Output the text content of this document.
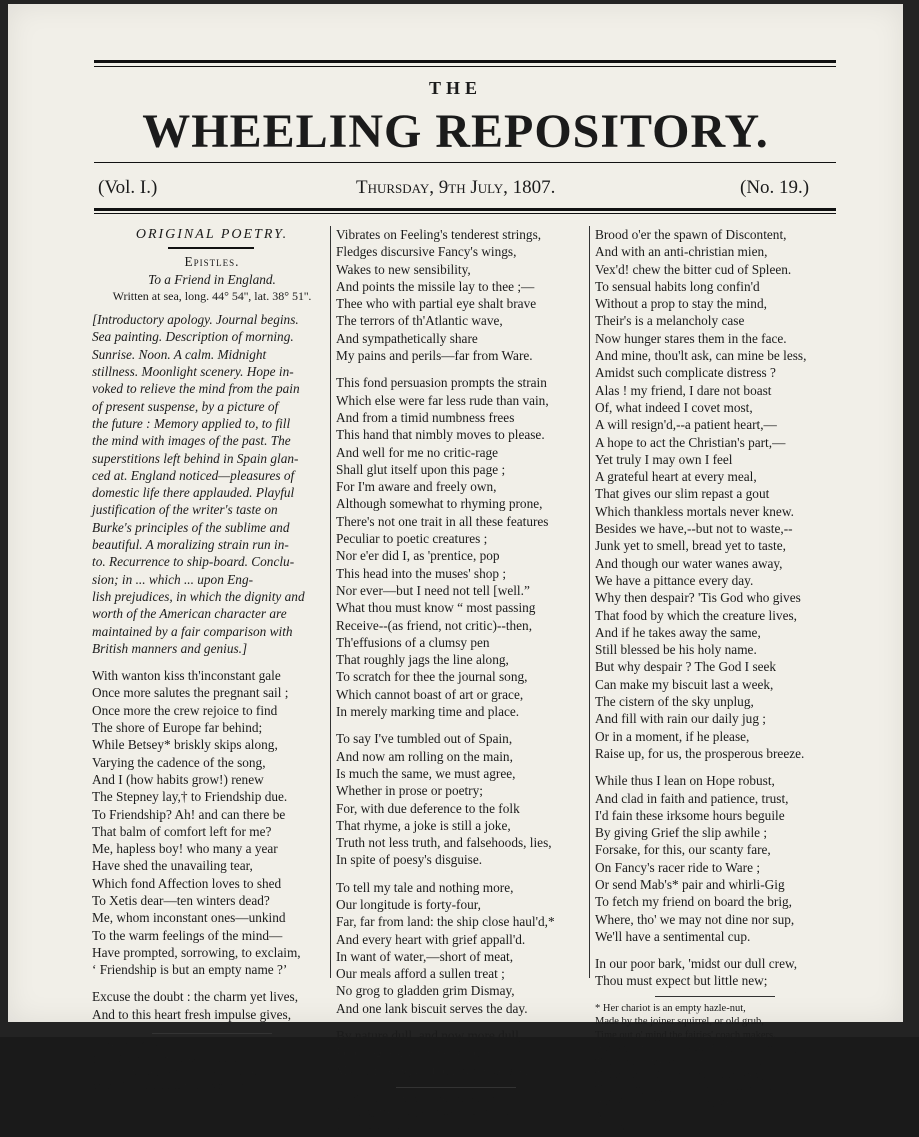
THE
WHEELING REPOSITORY.
(Vol. I.)	Thursday, 9th July, 1807.	(No. 19.)
ORIGINAL POETRY.
Epistles.
To a Friend in England.
Written at sea, long. 44° 54'', lat. 38° 51''.
[Introductory apology. Journal begins.
Sea painting. Description of morning.
Sunrise. Noon. A calm. Midnight
stillness. Moonlight scenery. Hope in-
voked to relieve the mind from the pain
of present suspense, by a picture of
the future : Memory applied to, to fill
the mind with images of the past. The
superstitions left behind in Spain glan-
ced at. England noticed—pleasures of
domestic life there applauded. Playful
justification of the writer's taste on
Burke's principles of the sublime and
beautiful. A moralizing strain run in-
to. Recurrence to ship-board. Conclu-
sion; in ... which ... upon Eng-
lish prejudices, in which the dignity and
worth of the American character are
maintained by a fair comparison with
British manners and genius.]
With wanton kiss th'inconstant gale
Once more salutes the pregnant sail ;
Once more the crew rejoice to find
The shore of Europe far behind;
While Betsey* briskly skips along,
Varying the cadence of the song,
And I (how habits grow!) renew
The Stepney lay,† to Friendship due.
To Friendship? Ah! and can there be
That balm of comfort left for me?
Me, hapless boy! who many a year
Have shed the unavailing tear,
Which fond Affection loves to shed
To Xetis dear—ten winters dead?
Me, whom inconstant ones—unkind
To the warm feelings of the mind—
Have prompted, sorrowing, to exclaim,
‘ Friendship is but an empty name ?’
Excuse the doubt : the charm yet lives,
And to this heart fresh impulse gives,
* The brig Eliza.
† All children born at sea have their settle-
ment in Stepney parish Q ... are not these
brats of mine entitled to the same provision ?
Vibrates on Feeling's tenderest strings,
Fledges discursive Fancy's wings,
Wakes to new sensibility,
And points the missile lay to thee ;—
Thee who with partial eye shalt brave
The terrors of th'Atlantic wave,
And sympathetically share
My pains and perils—far from Ware.
This fond persuasion prompts the strain
Which else were far less rude than vain,
And from a timid numbness frees
This hand that nimbly moves to please.
And well for me no critic-rage
Shall glut itself upon this page ;
For I'm aware and freely own,
Although somewhat to rhyming prone,
There's not one trait in all these features
Peculiar to poetic creatures ;
Nor e'er did I, as 'prentice, pop
This head into the muses' shop ;
Nor ever—but I need not tell [well.”
What thou must know “ most passing
Receive--(as friend, not critic)--then,
Th'effusions of a clumsy pen
That roughly jags the line along,
To scratch for thee the journal song,
Which cannot boast of art or grace,
In merely marking time and place.
To say I've tumbled out of Spain,
And now am rolling on the main,
Is much the same, we must agree,
Whether in prose or poetry;
For, with due deference to the folk
That rhyme, a joke is still a joke,
Truth not less truth, and falsehoods, lies,
In spite of poesy's disguise.
To tell my tale and nothing more,
Our longitude is forty-four,
Far, far from land: the ship close haul'd,*
And every heart with grief appall'd.
In want of water,—short of meat,
Our meals afford a sullen treat ;
No grog to gladden grim Dismay,
And one lank biscuit serves the day.
By nature dull, and now more dull,
Poor rogues, with half a belly-ful,
My comrades, all their patience spent,
* A ship is said to be close hauled, when
failing by the wind; a pretty good proof that
the wind is ahead.
Brood o'er the spawn of Discontent,
And with an anti-christian mien,
Vex'd! chew the bitter cud of Spleen.
To sensual habits long confin'd
Without a prop to stay the mind,
Their's is a melancholy case
Now hunger stares them in the face.
And mine, thou'lt ask, can mine be less,
Amidst such complicate distress ?
Alas ! my friend, I dare not boast
Of, what indeed I covet most,
A will resign'd,--a patient heart,—
A hope to act the Christian's part,—
Yet truly I may own I feel
A grateful heart at every meal,
That gives our slim repast a gout
Which thankless mortals never knew.
Besides we have,--but not to waste,--
Junk yet to smell, bread yet to taste,
And though our water wanes away,
We have a pittance every day.
Why then despair? 'Tis God who gives
That food by which the creature lives,
And if he takes away the same,
Still blessed be his holy name.
But why despair ? The God I seek
Can make my biscuit last a week,
The cistern of the sky unplug,
And fill with rain our daily jug ;
Or in a moment, if he please,
Raise up, for us, the prosperous breeze.
While thus I lean on Hope robust,
And clad in faith and patience, trust,
I'd fain these irksome hours beguile
By giving Grief the slip awhile ;
Forsake, for this, our scanty fare,
On Fancy's racer ride to Ware ;
Or send Mab's* pair and whirli-Gig
To fetch my friend on board the brig,
Where, tho' we may not dine nor sup,
We'll have a sentimental cup.
In our poor bark, 'midst our dull crew,
Thou must expect but little new;
* Her chariot is an empty hazle-nut,
Made by the joiner squirrel, or old grub,
Time out o' mind the fairies' coach makers.
Her waggon spokes made of long spinners' legs;
The cover of the wings of grass-hoppers ;
The traces, of the smallest spider's web ;
The collars, of the moon shine's wat'ry beams;
Her whip, of cricket's bones; the lash of film,
&c.
Rom & Jul.
